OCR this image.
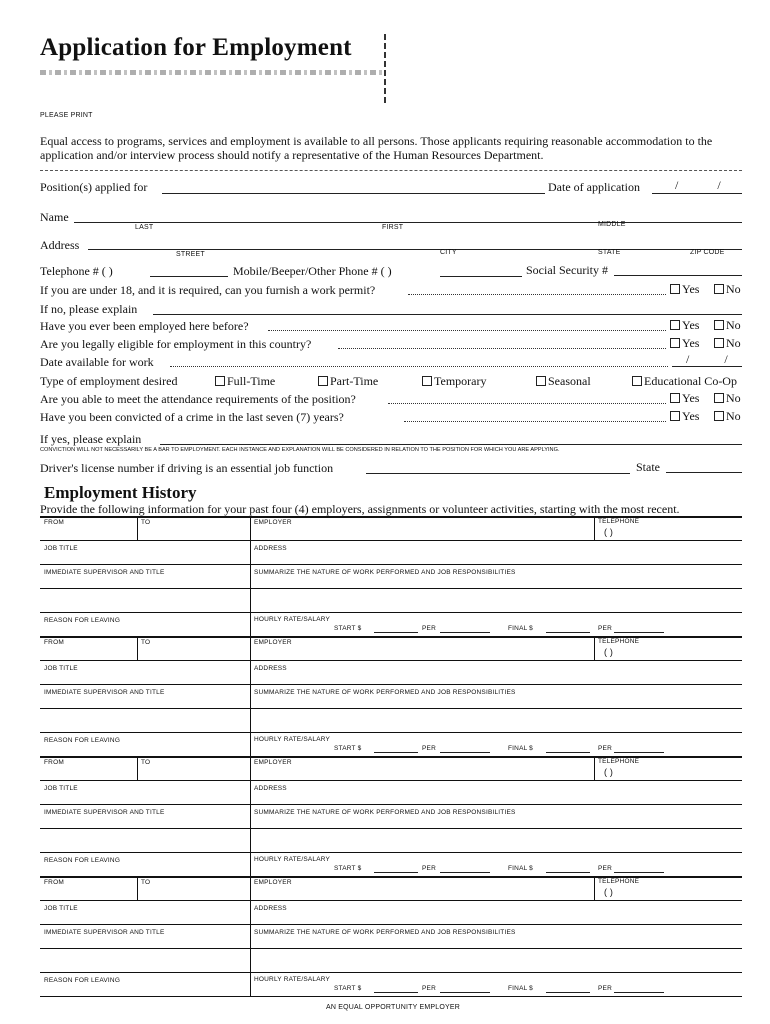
Application for Employment
PLEASE PRINT
Equal access to programs, services and employment is available to all persons. Those applicants requiring reasonable accommodation to the application and/or interview process should notify a representative of the Human Resources Department.
Position(s) applied for	Date of application	/ /
Name
LAST	FIRST	MIDDLE
Address
STREET	CITY	STATE	ZIP CODE
Telephone # ( )	Mobile/Beeper/Other Phone # ( )	Social Security #
If you are under 18, and it is required, can you furnish a work permit?	Yes	No
If no, please explain
Have you ever been employed here before?	Yes	No
Are you legally eligible for employment in this country?	Yes	No
Date available for work	/ /
Type of employment desired	Full-Time	Part-Time	Temporary	Seasonal	Educational Co-Op
Are you able to meet the attendance requirements of the position?	Yes	No
Have you been convicted of a crime in the last seven (7) years?	Yes	No
If yes, please explain
CONVICTION WILL NOT NECESSARILY BE A BAR TO EMPLOYMENT. EACH INSTANCE AND EXPLANATION WILL BE CONSIDERED IN RELATION TO THE POSITION FOR WHICH YOU ARE APPLYING.
Driver's license number if driving is an essential job function	State
Employment History
Provide the following information for your past four (4) employers, assignments or volunteer activities, starting with the most recent.
FROM	TO	EMPLOYER	TELEPHONE
( )
JOB TITLE	ADDRESS
IMMEDIATE SUPERVISOR AND TITLE	SUMMARIZE THE NATURE OF WORK PERFORMED AND JOB RESPONSIBILITIES
REASON FOR LEAVING	HOURLY RATE/SALARY
START $	PER	FINAL $	PER
FROM	TO	EMPLOYER	TELEPHONE
( )
JOB TITLE	ADDRESS
IMMEDIATE SUPERVISOR AND TITLE	SUMMARIZE THE NATURE OF WORK PERFORMED AND JOB RESPONSIBILITIES
REASON FOR LEAVING	HOURLY RATE/SALARY
START $	PER	FINAL $	PER
FROM	TO	EMPLOYER	TELEPHONE
( )
JOB TITLE	ADDRESS
IMMEDIATE SUPERVISOR AND TITLE	SUMMARIZE THE NATURE OF WORK PERFORMED AND JOB RESPONSIBILITIES
REASON FOR LEAVING	HOURLY RATE/SALARY
START $	PER	FINAL $	PER
FROM	TO	EMPLOYER	TELEPHONE
( )
JOB TITLE	ADDRESS
IMMEDIATE SUPERVISOR AND TITLE	SUMMARIZE THE NATURE OF WORK PERFORMED AND JOB RESPONSIBILITIES
REASON FOR LEAVING	HOURLY RATE/SALARY
START $	PER	FINAL $	PER
AN EQUAL OPPORTUNITY EMPLOYER
